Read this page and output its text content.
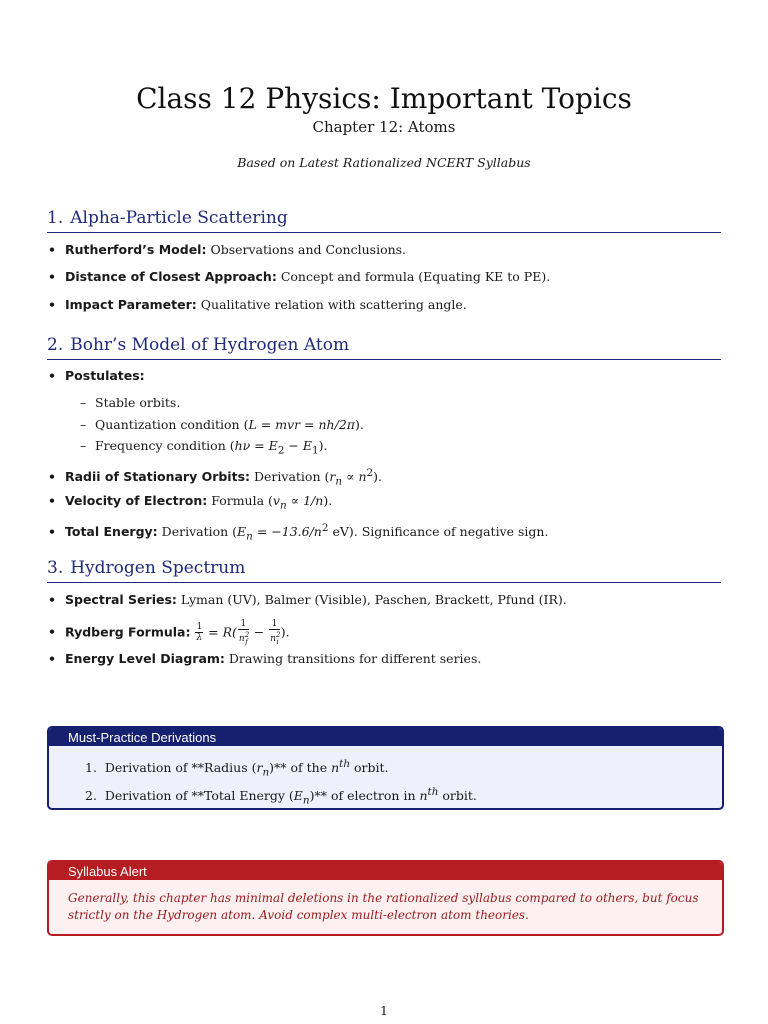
Class 12 Physics: Important Topics
Chapter 12: Atoms
Based on Latest Rationalized NCERT Syllabus
1. Alpha-Particle Scattering
• Rutherford’s Model: Observations and Conclusions.
• Distance of Closest Approach: Concept and formula (Equating KE to PE).
• Impact Parameter: Qualitative relation with scattering angle.
2. Bohr’s Model of Hydrogen Atom
• Postulates:
– Stable orbits.
– Quantization condition (L = mvr = nh/2π).
– Frequency condition $(h\nu = E_2 - E_1)$.
• Radii of Stationary Orbits: Derivation $(r_n \propto n^2)$.
• Velocity of Electron: Formula $(v_n \propto 1/n)$.
• Total Energy: Derivation ($E_n = -13.6/n^2$ eV). Significance of negative sign.
3. Hydrogen Spectrum
• Spectral Series: Lyman (UV), Balmer (Visible), Paschen, Brackett, Pfund (IR).
• Rydberg Formula: $\frac{1}{\lambda} = R( \frac{1}{n^2_f} - \frac{1}{n^2_i}$ ).
• Energy Level Diagram: Drawing transitions for different series.
Must-Practice Derivations
1. Derivation of **Radius $(r_n)**$ of the $n^{th}$ orbit.
2. Derivation of **Total Energy $(E_n)**$ of electron in $n^{th}$ orbit.
Syllabus Alert
Generally, this chapter has minimal deletions in the rationalized syllabus compared to others, but focus strictly on the Hydrogen atom. Avoid complex multi-electron atom theories.
1
